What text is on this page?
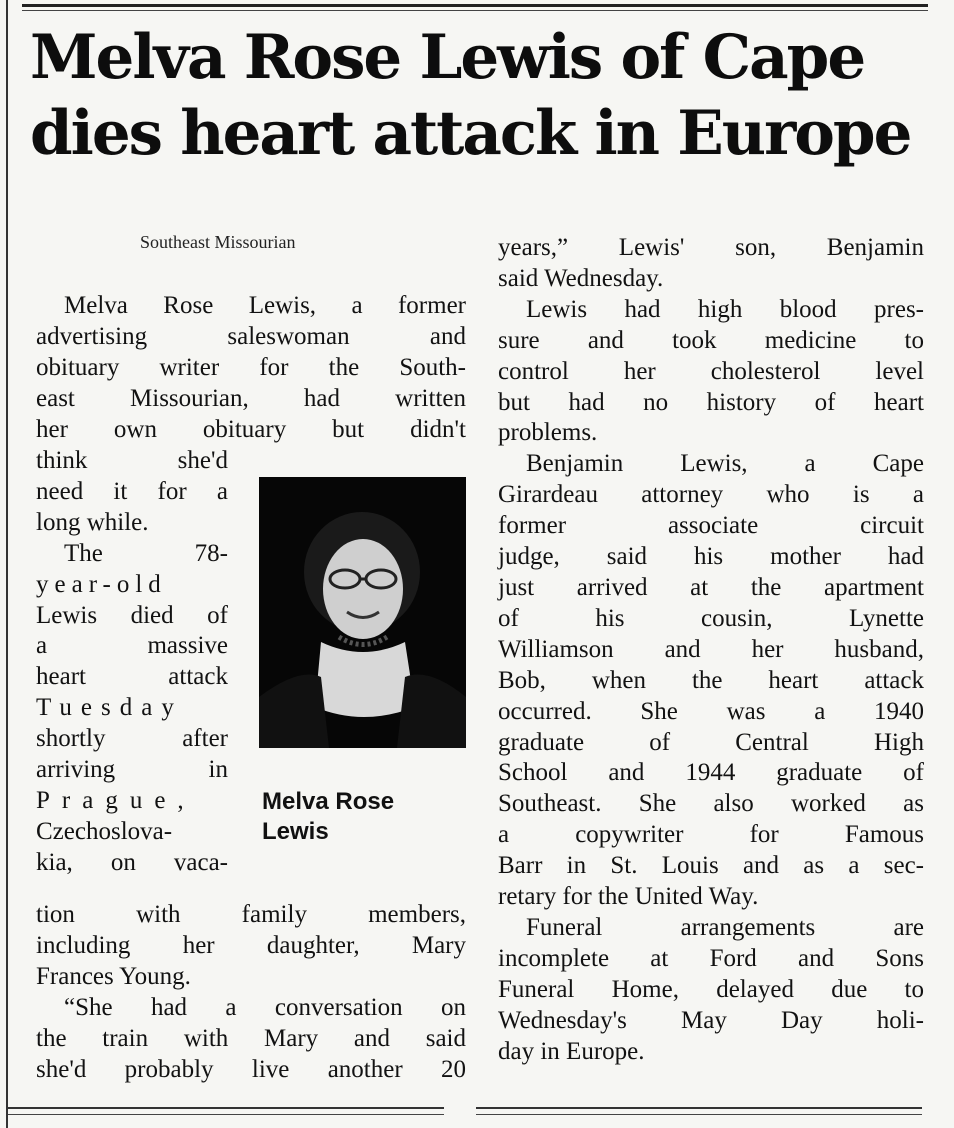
Melva Rose Lewis of Cape
dies heart attack in Europe
Southeast Missourian

Melva Rose Lewis, a former

advertising saleswoman and

obituary writer for the South-

east Missourian, had written

her own obituary but didn't

think she'd

need it for a

long while.

The 78-

year-old

Lewis died of

a massive

heart attack

Tuesday

shortly after

arriving in

Prague,

Czechoslova-

kia, on vaca-

tion with family members,

including her daughter, Mary

Frances Young.

“She had a conversation on

the train with Mary and said

she'd probably live another 20

Melva Rose
Lewis

years,” Lewis' son, Benjamin

said Wednesday.

Lewis had high blood pres-

sure and took medicine to

control her cholesterol level

but had no history of heart

problems.

Benjamin Lewis, a Cape

Girardeau attorney who is a

former associate circuit

judge, said his mother had

just arrived at the apartment

of his cousin, Lynette

Williamson and her husband,

Bob, when the heart attack

occurred. She was a 1940

graduate of Central High

School and 1944 graduate of

Southeast. She also worked as

a copywriter for Famous

Barr in St. Louis and as a sec-

retary for the United Way.

Funeral arrangements are

incomplete at Ford and Sons

Funeral Home, delayed due to

Wednesday's May Day holi-

day in Europe.
